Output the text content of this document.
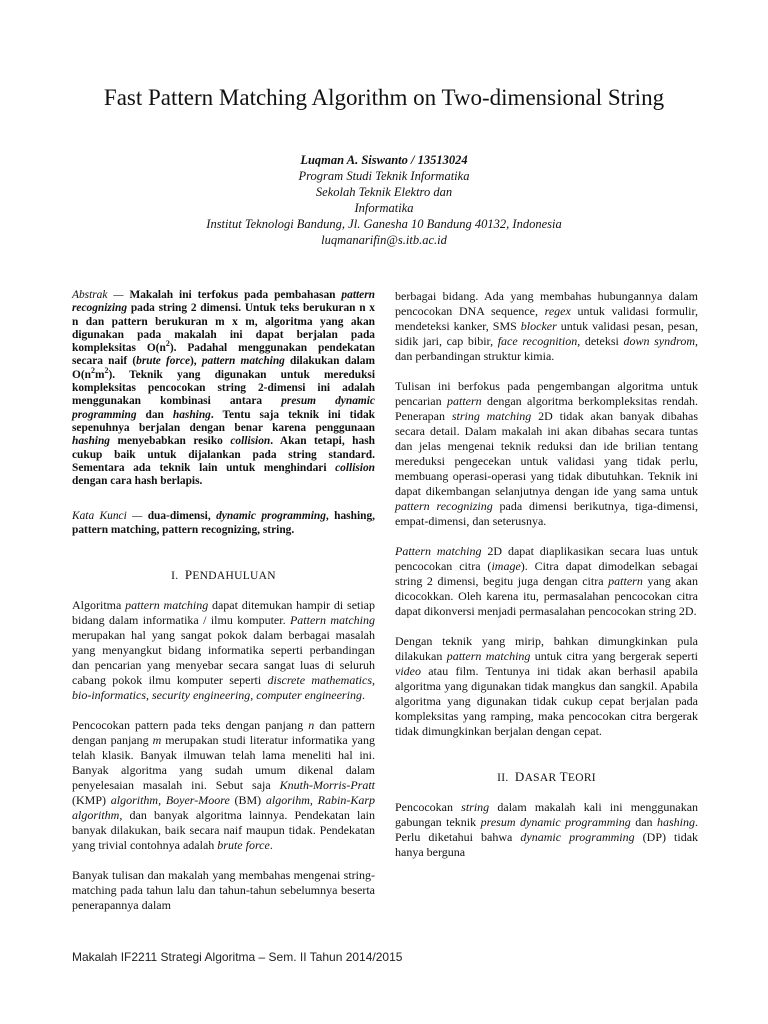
Fast Pattern Matching Algorithm on Two-dimensional String
Luqman A. Siswanto / 13513024
Program Studi Teknik Informatika
Sekolah Teknik Elektro dan
Informatika
Institut Teknologi Bandung, Jl. Ganesha 10 Bandung 40132, Indonesia
luqmanarifin@s.itb.ac.id

Abstrak — Makalah ini terfokus pada pembahasan pattern recognizing pada string 2 dimensi. Untuk teks berukuran n x n dan pattern berukuran m x m, algoritma yang akan digunakan pada makalah ini dapat berjalan pada kompleksitas $O(n^2)$. Padahal menggunakan pendekatan secara naif (brute force), pattern matching dilakukan dalam $O(n^2m^2)$. Teknik yang digunakan untuk mereduksi kompleksitas pencocokan string 2-dimensi ini adalah menggunakan kombinasi antara presum dynamic programming dan hashing. Tentu saja teknik ini tidak sepenuhnya berjalan dengan benar karena penggunaan hashing menyebabkan resiko collision. Akan tetapi, hash cukup baik untuk dijalankan pada string standard. Sementara ada teknik lain untuk menghindari collision dengan cara hash berlapis.

Kata Kunci — dua-dimensi, dynamic programming, hashing, pattern matching, pattern recognizing, string.

I. PENDAHULUAN

Algoritma pattern matching dapat ditemukan hampir di setiap bidang dalam informatika / ilmu komputer. Pattern matching merupakan hal yang sangat pokok dalam berbagai masalah yang menyangkut bidang informatika seperti perbandingan dan pencarian yang menyebar secara sangat luas di seluruh cabang pokok ilmu komputer seperti discrete mathematics, bio-informatics, security engineering, computer engineering.

Pencocokan pattern pada teks dengan panjang n dan pattern dengan panjang m merupakan studi literatur informatika yang telah klasik. Banyak ilmuwan telah lama meneliti hal ini. Banyak algoritma yang sudah umum dikenal dalam penyelesaian masalah ini. Sebut saja Knuth-Morris-Pratt (KMP) algorithm, Boyer-Moore (BM) algorihm, Rabin-Karp algorithm, dan banyak algoritma lainnya. Pendekatan lain banyak dilakukan, baik secara naif maupun tidak. Pendekatan yang trivial contohnya adalah brute force.

Banyak tulisan dan makalah yang membahas mengenai string-matching pada tahun lalu dan tahun-tahun sebelumnya beserta penerapannya dalam

berbagai bidang. Ada yang membahas hubungannya dalam pencocokan DNA sequence, regex untuk validasi formulir, mendeteksi kanker, SMS blocker untuk validasi pesan, pesan, sidik jari, cap bibir, face recognition, deteksi down syndrom, dan perbandingan struktur kimia.

Tulisan ini berfokus pada pengembangan algoritma untuk pencarian pattern dengan algoritma berkompleksitas rendah. Penerapan string matching 2D tidak akan banyak dibahas secara detail. Dalam makalah ini akan dibahas secara tuntas dan jelas mengenai teknik reduksi dan ide brilian tentang mereduksi pengecekan untuk validasi yang tidak perlu, membuang operasi-operasi yang tidak dibutuhkan. Teknik ini dapat dikembangan selanjutnya dengan ide yang sama untuk pattern recognizing pada dimensi berikutnya, tiga-dimensi, empat-dimensi, dan seterusnya.

Pattern matching 2D dapat diaplikasikan secara luas untuk pencocokan citra (image). Citra dapat dimodelkan sebagai string 2 dimensi, begitu juga dengan citra pattern yang akan dicocokkan. Oleh karena itu, permasalahan pencocokan citra dapat dikonversi menjadi permasalahan pencocokan string 2D.

Dengan teknik yang mirip, bahkan dimungkinkan pula dilakukan pattern matching untuk citra yang bergerak seperti video atau film. Tentunya ini tidak akan berhasil apabila algoritma yang digunakan tidak mangkus dan sangkil. Apabila algoritma yang digunakan tidak cukup cepat berjalan pada kompleksitas yang ramping, maka pencocokan citra bergerak tidak dimungkinkan berjalan dengan cepat.

II. DASAR TEORI

Pencocokan string dalam makalah kali ini menggunakan gabungan teknik presum dynamic programming dan hashing. Perlu diketahui bahwa dynamic programming (DP) tidak hanya berguna

Makalah IF2211 Strategi Algoritma – Sem. II Tahun 2014/2015
